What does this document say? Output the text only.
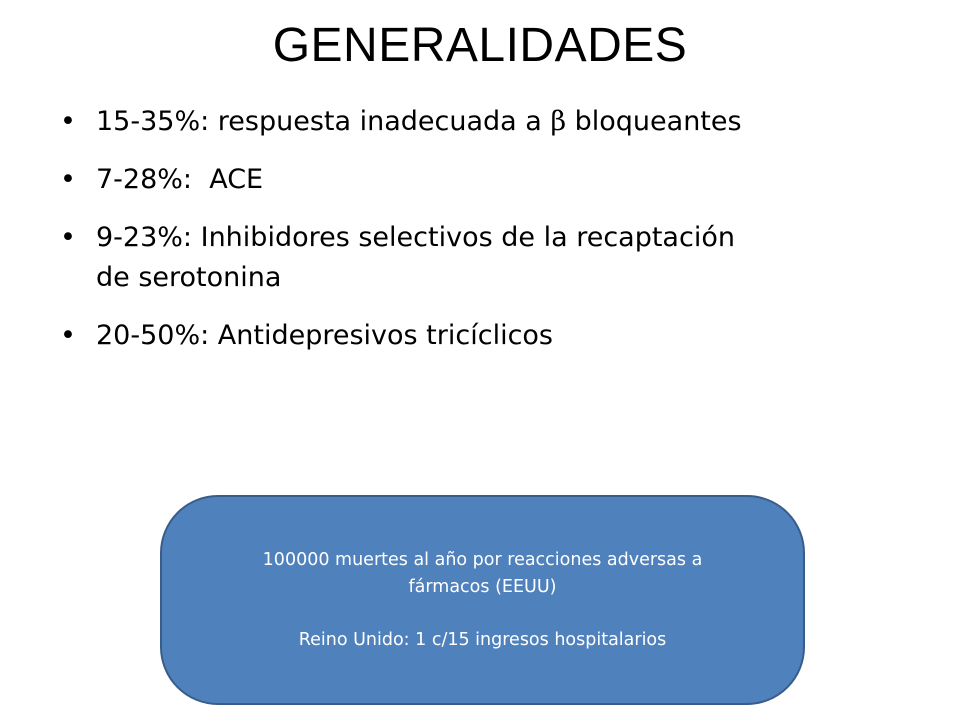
GENERALIDADES
• 15-35%: respuesta inadecuada a β bloqueantes
• 7-28%:  ACE
• 9-23%: Inhibidores selectivos de la recaptación de serotonina
• 20-50%: Antidepresivos tricíclicos
100000 muertes al año por reacciones adversas a
fármacos (EEUU)
Reino Unido: 1 c/15 ingresos hospitalarios
